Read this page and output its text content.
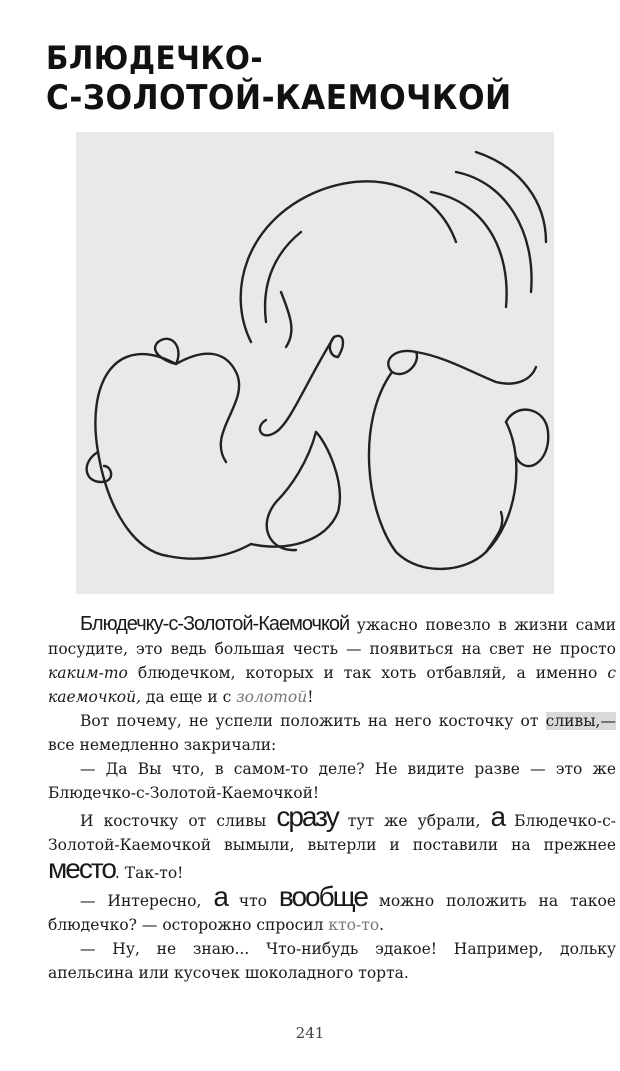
БЛЮДЕЧКО-
С-ЗОЛОТОЙ-КАЕМОЧКОЙ

Блюдечку-с-Золотой-Каемочкой ужасно повезло в жизни сами посудите, это ведь большая честь — появиться на свет не просто каким-то блюдечком, которых и так хоть отбавляй, а именно с каемочкой, да еще и с золотой!

Вот почему, не успели положить на него косточку от сливы,— все немедленно закричали:

— Да Вы что, в самом-то деле? Не видите разве — это же Блюдечко-с-Золотой-Каемочкой!

И косточку от сливы сразу тут же убрали, а Блюдечко-с-Золотой-Каемочкой вымыли, вытерли и поставили на прежнее место. Так-то!

— Интересно, а что вообще можно положить на такое блюдечко? — осторожно спросил кто-то.

— Ну, не знаю... Что-нибудь эдакое! Например, дольку апельсина или кусочек шоколадного торта.

241
